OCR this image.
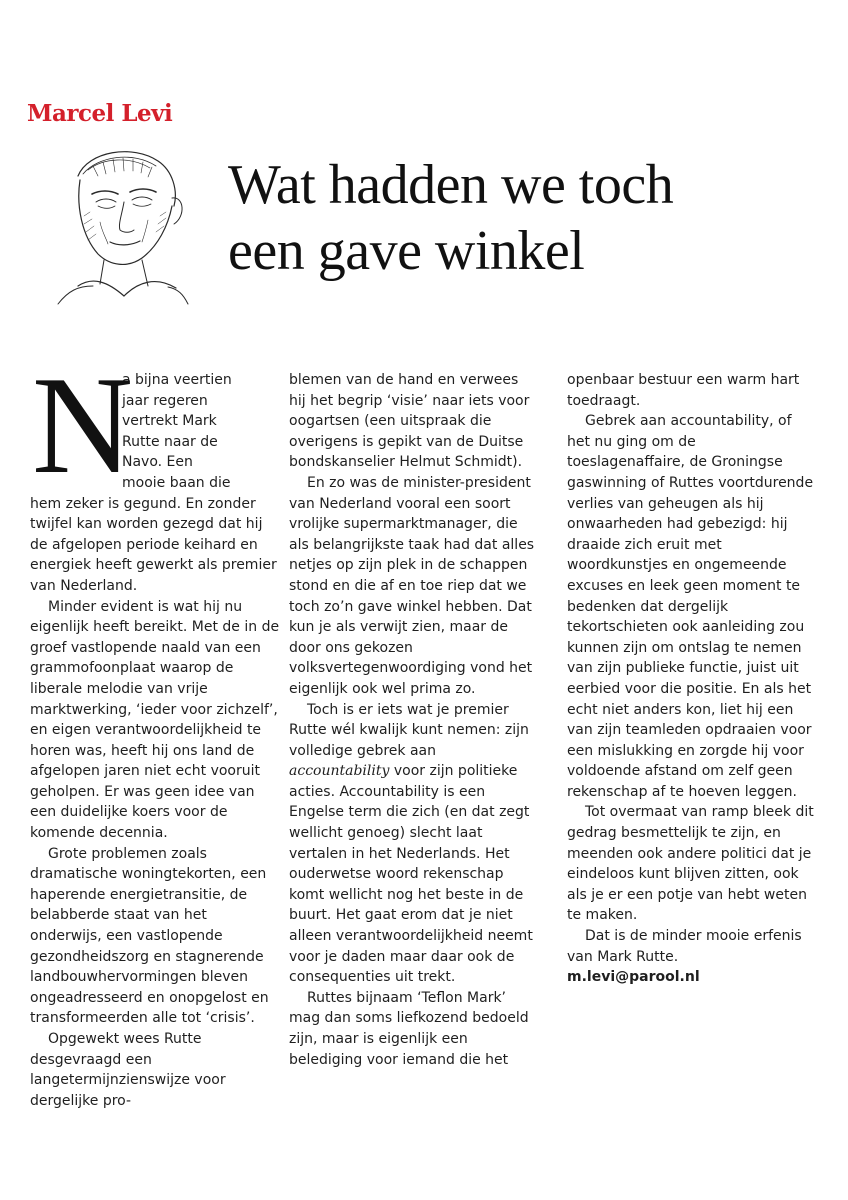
Marcel Levi
Wat hadden we toch
een gave winkel
N
a bijna veertien
jaar regeren
vertrekt Mark
Rutte naar de
Navo. Een
mooie baan die

hem zeker is gegund. En zonder twijfel kan worden gezegd dat hij de afgelopen periode keihard en energiek heeft gewerkt als premier van Nederland.

Minder evident is wat hij nu eigenlijk heeft bereikt. Met de in de groef vastlopende naald van een grammofoonplaat waarop de liberale melodie van vrije marktwerking, ‘ieder voor zichzelf’, en eigen verantwoordelijkheid te horen was, heeft hij ons land de afgelopen jaren niet echt vooruit geholpen. Er was geen idee van een duidelijke koers voor de komende decennia.

Grote problemen zoals dramatische woningtekorten, een haperende energietransitie, de belabberde staat van het onderwijs, een vastlopende gezondheidszorg en stagnerende landbouwhervormingen bleven ongeadresseerd en onopgelost en transformeerden alle tot ‘crisis’.

Opgewekt wees Rutte desgevraagd een langetermijnzienswijze voor dergelijke pro-

blemen van de hand en verwees hij het begrip ‘visie’ naar iets voor oogartsen (een uitspraak die overigens is gepikt van de Duitse bondskanselier Helmut Schmidt).

En zo was de minister-president van Nederland vooral een soort vrolijke supermarktmanager, die als belangrijkste taak had dat alles netjes op zijn plek in de schappen stond en die af en toe riep dat we toch zo’n gave winkel hebben. Dat kun je als verwijt zien, maar de door ons gekozen volksvertegenwoordiging vond het eigenlijk ook wel prima zo.

Toch is er iets wat je premier Rutte wél kwalijk kunt nemen: zijn volledige gebrek aan accountability voor zijn politieke acties. Accountability is een Engelse term die zich (en dat zegt wellicht genoeg) slecht laat vertalen in het Nederlands. Het ouderwetse woord rekenschap komt wellicht nog het beste in de buurt. Het gaat erom dat je niet alleen verantwoordelijkheid neemt voor je daden maar daar ook de consequenties uit trekt.

Ruttes bijnaam ‘Teflon Mark’ mag dan soms liefkozend bedoeld zijn, maar is eigenlijk een belediging voor iemand die het

openbaar bestuur een warm hart toedraagt.

Gebrek aan accountability, of het nu ging om de toeslagenaffaire, de Groningse gaswinning of Ruttes voortdurende verlies van geheugen als hij onwaarheden had gebezigd: hij draaide zich eruit met woordkunstjes en ongemeende excuses en leek geen moment te bedenken dat dergelijk tekortschieten ook aanleiding zou kunnen zijn om ontslag te nemen van zijn publieke functie, juist uit eerbied voor die positie. En als het echt niet anders kon, liet hij een van zijn teamleden opdraaien voor een mislukking en zorgde hij voor voldoende afstand om zelf geen rekenschap af te hoeven leggen.

Tot overmaat van ramp bleek dit gedrag besmettelijk te zijn, en meenden ook andere politici dat je eindeloos kunt blijven zitten, ook als je er een potje van hebt weten te maken.

Dat is de minder mooie erfenis van Mark Rutte.

m.levi@parool.nl
